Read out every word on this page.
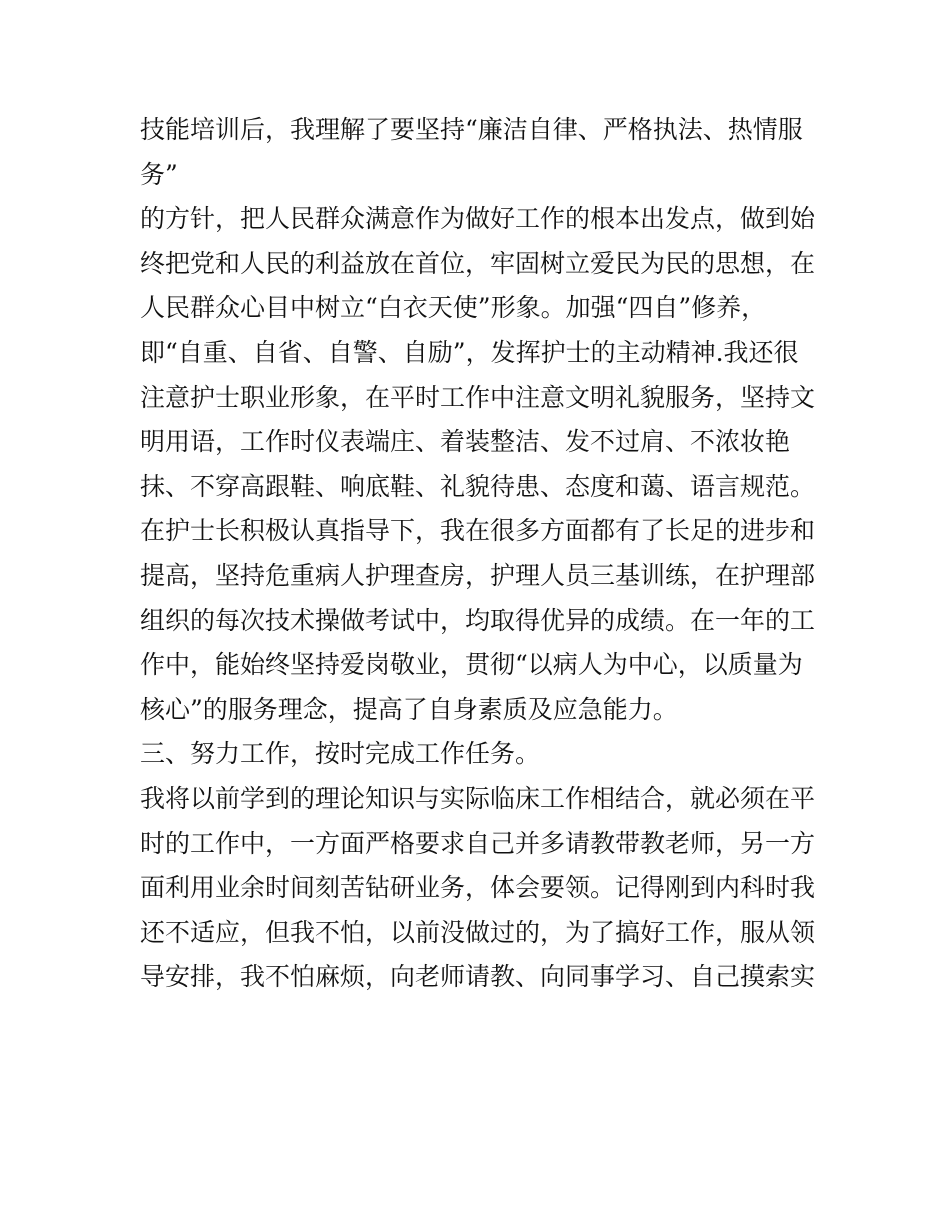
技能培训后，我理解了要坚持“廉洁自律、严格执法、热情服
务”
的方针，把人民群众满意作为做好工作的根本出发点，做到始
终把党和人民的利益放在首位，牢固树立爱民为民的思想，在
人民群众心目中树立“白衣天使”形象。加强“四自”修养，
即“自重、自省、自警、自励”，发挥护士的主动精神.我还很
注意护士职业形象，在平时工作中注意文明礼貌服务，坚持文
明用语，工作时仪表端庄、着装整洁、发不过肩、不浓妆艳
抹、不穿高跟鞋、响底鞋、礼貌待患、态度和蔼、语言规范。
在护士长积极认真指导下，我在很多方面都有了长足的进步和
提高，坚持危重病人护理查房，护理人员三基训练，在护理部
组织的每次技术操做考试中，均取得优异的成绩。在一年的工
作中，能始终坚持爱岗敬业，贯彻“以病人为中心，以质量为
核心”的服务理念，提高了自身素质及应急能力。
三、努力工作，按时完成工作任务。
我将以前学到的理论知识与实际临床工作相结合，就必须在平
时的工作中，一方面严格要求自己并多请教带教老师，另一方
面利用业余时间刻苦钻研业务，体会要领。记得刚到内科时我
还不适应，但我不怕，以前没做过的，为了搞好工作，服从领
导安排，我不怕麻烦，向老师请教、向同事学习、自己摸索实
